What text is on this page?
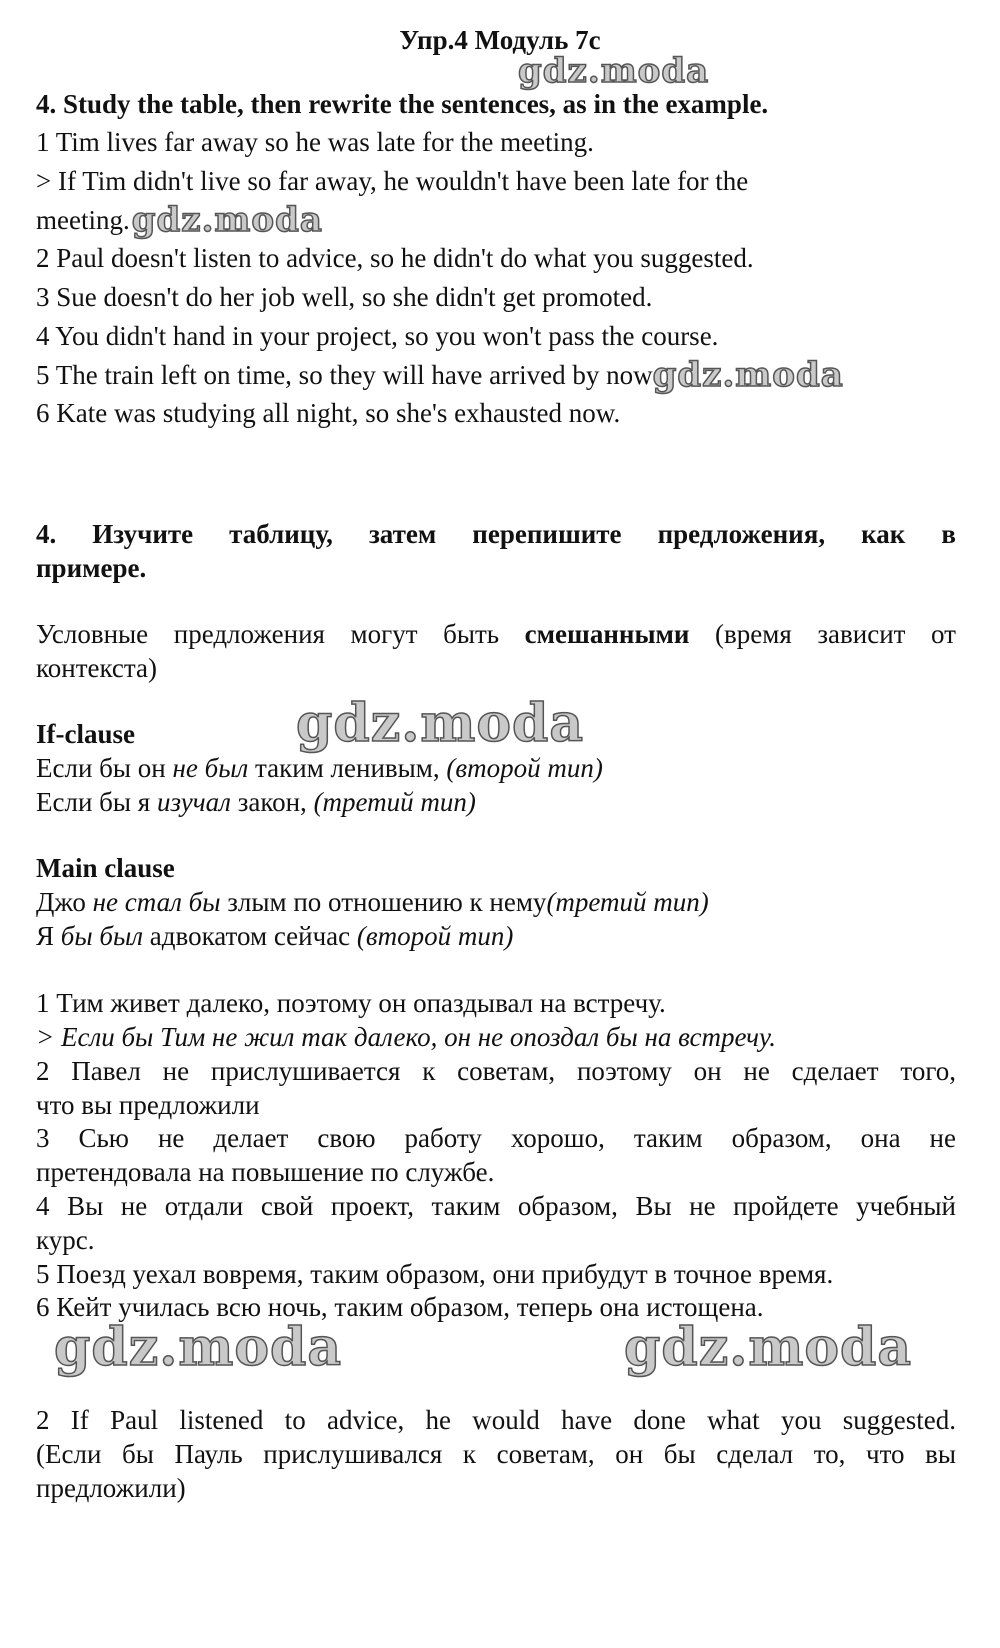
Упр.4 Модуль 7c
gdz.moda
4. Study the table, then rewrite the sentences, as in the example.
1 Tim lives far away so he was late for the meeting.
> If Tim didn't live so far away, he wouldn't have been late for the
meeting.gdz.moda
2 Paul doesn't listen to advice, so he didn't do what you suggested.
3 Sue doesn't do her job well, so she didn't get promoted.
4 You didn't hand in your project, so you won't pass the course.
5 The train left on time, so they will have arrived by nowgdz.moda
6 Kate was studying all night, so she's exhausted now.
4. Изучите таблицу, затем перепишите предложения, как в
примере.
Условные предложения могут быть смешанными (время зависит от
контекста)
gdz.moda
If-clause
Если бы он не был таким ленивым, (второй тип)
Если бы я изучал закон, (третий тип)
Main clause
Джо не стал бы злым по отношению к нему(третий тип)
Я бы был адвокатом сейчас (второй тип)
1 Тим живет далеко, поэтому он опаздывал на встречу.
> Если бы Тим не жил так далеко, он не опоздал бы на встречу.
2 Павел не прислушивается к советам, поэтому он не сделает того,
что вы предложили
3 Сью не делает свою работу хорошо, таким образом, она не
претендовала на повышение по службе.
4 Вы не отдали свой проект, таким образом, Вы не пройдете учебный
курс.
5 Поезд уехал вовремя, таким образом, они прибудут в точное время.
6 Кейт училась всю ночь, таким образом, теперь она истощена.
gdz.moda	gdz.moda
2 If Paul listened to advice, he would have done what you suggested.
(Если бы Пауль прислушивался к советам, он бы сделал то, что вы
предложили)
